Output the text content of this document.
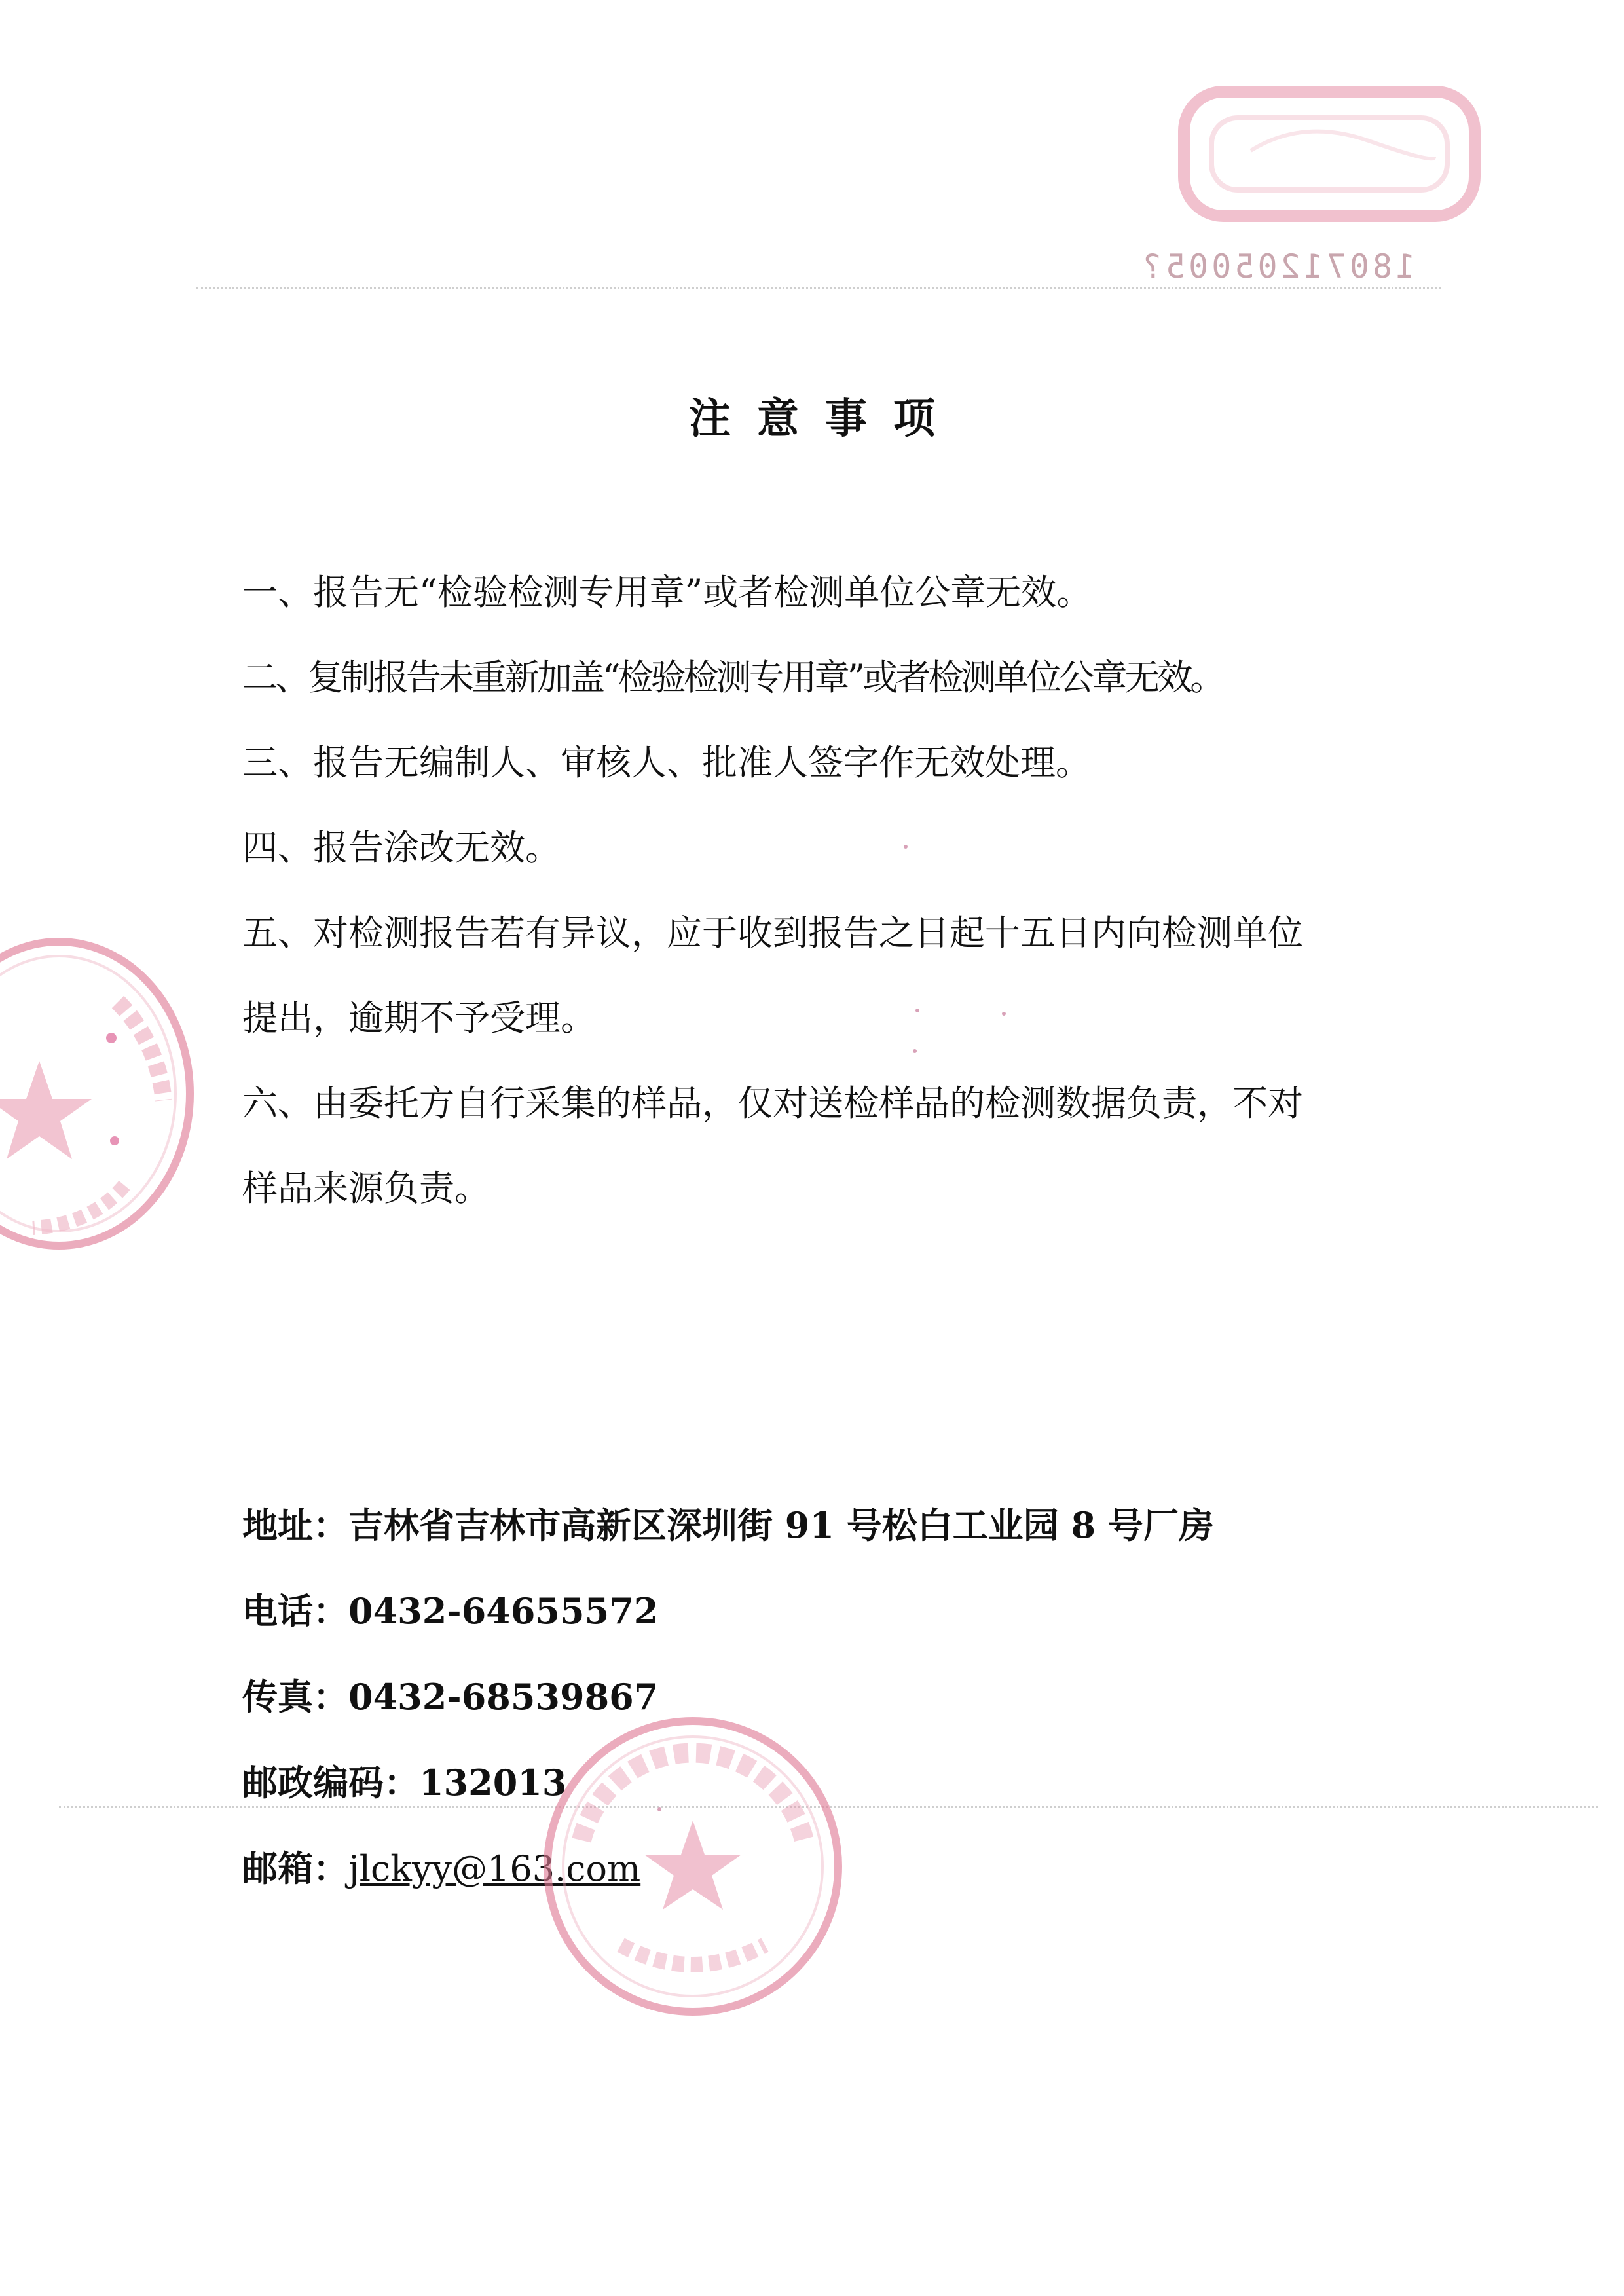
18071205005?
注意事项
一、报告无“检验检测专用章”或者检测单位公章无效。
二、复制报告未重新加盖“检验检测专用章”或者检测单位公章无效。
三、报告无编制人、审核人、批准人签字作无效处理。
四、报告涂改无效。
五、对检测报告若有异议，应于收到报告之日起十五日内向检测单位
提出，逾期不予受理。
六、由委托方自行采集的样品，仅对送检样品的检测数据负责，不对
样品来源负责。
地址：吉林省吉林市高新区深圳街 91 号松白工业园 8 号厂房
电话：0432-64655572
传真：0432-68539867
邮政编码：132013
邮箱：jlckyy@163.com
